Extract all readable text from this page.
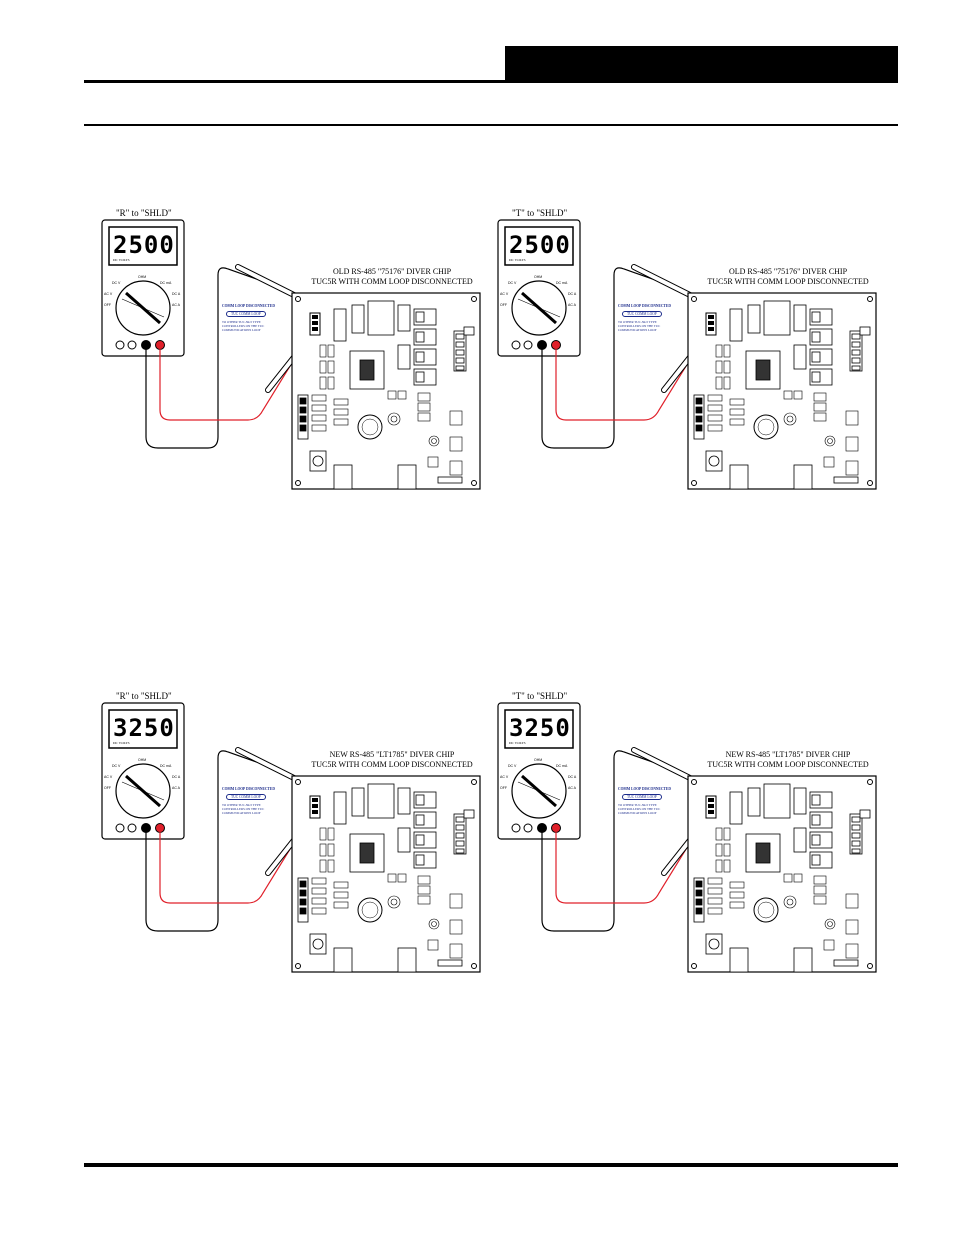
"R" to "SHLD"
DC V
OHM
DC mA
AC V	DC A
OFF	AC A
2500
DC VOLTS
OLD RS-485 "75176" DIVER CHIP
TUC5R WITH COMM LOOP DISCONNECTED
COMM LOOP DISCONNECTED
TUC COMM LOOP
TO OTHER TUC-5R/2 TYPE
CONTROLLERS ON THE TUC
COMMUNICATIONS LOOP
"T" to "SHLD"
DC V
OHM
DC mA
AC V	DC A
OFF	AC A
2500
DC VOLTS
OLD RS-485 "75176" DIVER CHIP
TUC5R WITH COMM LOOP DISCONNECTED
COMM LOOP DISCONNECTED
TUC COMM LOOP
TO OTHER TUC-5R/2 TYPE
CONTROLLERS ON THE TUC
COMMUNICATIONS LOOP
"R" to "SHLD"
DC V
OHM
DC mA
AC V	DC A
OFF	AC A
3250
DC VOLTS
NEW RS-485 "LT1785" DIVER CHIP
TUC5R WITH COMM LOOP DISCONNECTED
COMM LOOP DISCONNECTED
TUC COMM LOOP
TO OTHER TUC-5R/2 TYPE
CONTROLLERS ON THE TUC
COMMUNICATIONS LOOP
"T" to "SHLD"
DC V
OHM
DC mA
AC V	DC A
OFF	AC A
3250
DC VOLTS
NEW RS-485 "LT1785" DIVER CHIP
TUC5R WITH COMM LOOP DISCONNECTED
COMM LOOP DISCONNECTED
TUC COMM LOOP
TO OTHER TUC-5R/2 TYPE
CONTROLLERS ON THE TUC
COMMUNICATIONS LOOP
